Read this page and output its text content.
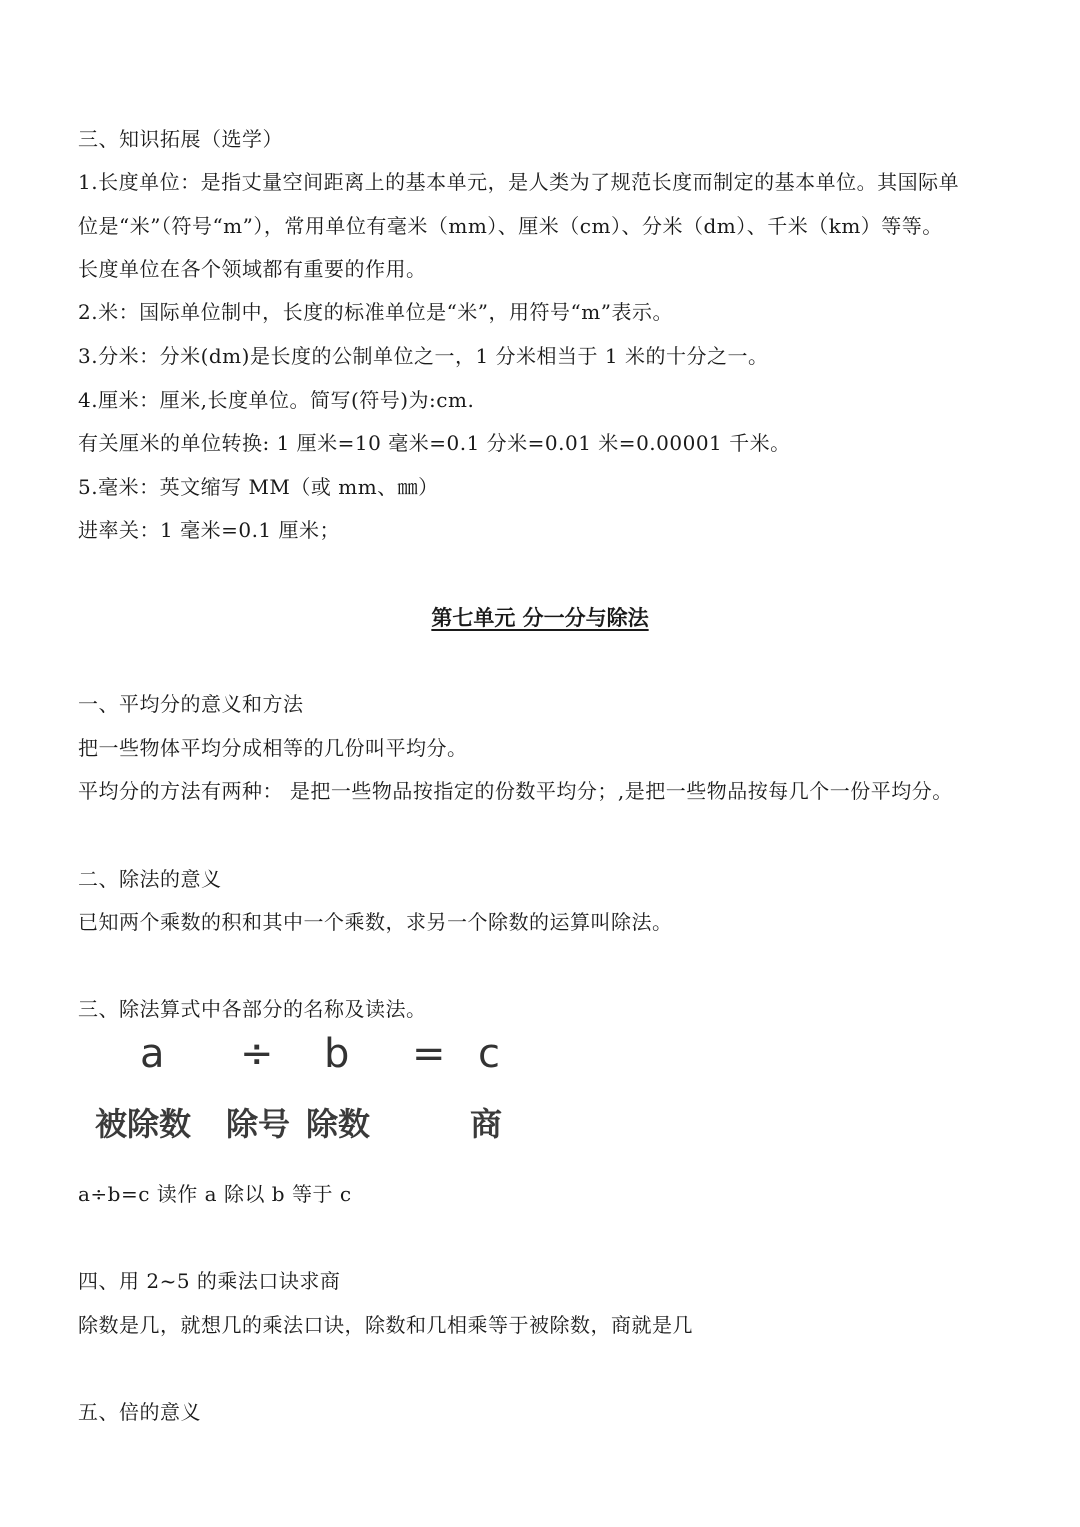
三、知识拓展（选学）
1.长度单位：是指丈量空间距离上的基本单元，是人类为了规范长度而制定的基本单位。其国际单
位是“米”（符号“m”），常用单位有毫米（mm）、厘米（cm）、分米（dm）、千米（km）等等。
长度单位在各个领域都有重要的作用。
2.米：国际单位制中，长度的标准单位是“米”，用符号“m”表示。
3.分米：分米(dm)是长度的公制单位之一，1 分米相当于 1 米的十分之一。
4.厘米：厘米,长度单位。简写(符号)为:cm.
有关厘米的单位转换: 1 厘米=10 毫米=0.1 分米=0.01 米=0.00001 千米。
5.毫米：英文缩写 MM（或 mm、㎜）
进率关：1 毫米=0.1 厘米；
第七单元 分一分与除法
一、平均分的意义和方法
把一些物体平均分成相等的几份叫平均分。
平均分的方法有两种： 是把一些物品按指定的份数平均分；,是把一些物品按每几个一份平均分。
二、除法的意义
已知两个乘数的积和其中一个乘数，求另一个除数的运算叫除法。
三、除法算式中各部分的名称及读法。
a ÷ b = c
被除数 除号 除数	商
a÷b=c 读作 a 除以 b 等于 c
四、用 2~5 的乘法口诀求商
除数是几，就想几的乘法口诀，除数和几相乘等于被除数，商就是几
五、倍的意义
